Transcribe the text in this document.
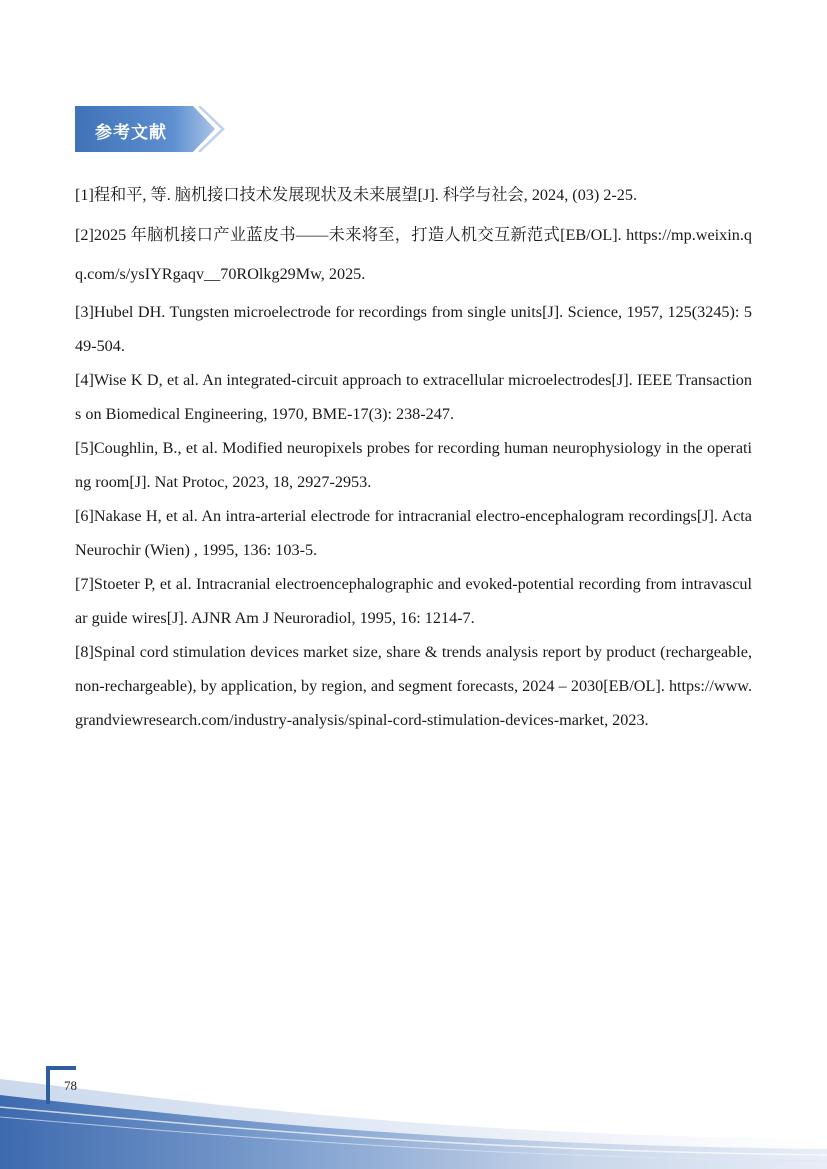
参考文献

[1]程和平, 等. 脑机接口技术发展现状及未来展望[J]. 科学与社会, 2024, (03) 2-25.

[2]2025 年脑机接口产业蓝皮书——未来将至，打造人机交互新范式[EB/OL]. https://mp.weixin.qq.com/s/ysIYRgaqv__70ROlkg29Mw, 2025.

[3]Hubel DH. Tungsten microelectrode for recordings from single units[J]. Science, 1957, 125(3245): 549-504.

[4]Wise K D, et al. An integrated-circuit approach to extracellular microelectrodes[J]. IEEE Transactions on Biomedical Engineering, 1970, BME-17(3): 238-247.

[5]Coughlin, B., et al. Modified neuropixels probes for recording human neurophysiology in the operating room[J]. Nat Protoc, 2023, 18, 2927-2953.

[6]Nakase H, et al. An intra-arterial electrode for intracranial electro-encephalogram recordings[J]. Acta Neurochir (Wien) , 1995, 136: 103-5.

[7]Stoeter P, et al. Intracranial electroencephalographic and evoked-potential recording from intravascular guide wires[J]. AJNR Am J Neuroradiol, 1995, 16: 1214-7.

[8]Spinal cord stimulation devices market size, share & trends analysis report by product (rechargeable, non-rechargeable), by application, by region, and segment forecasts, 2024 – 2030[EB/OL]. https://www.grandviewresearch.com/industry-analysis/spinal-cord-stimulation-devices-market, 2023.

78
